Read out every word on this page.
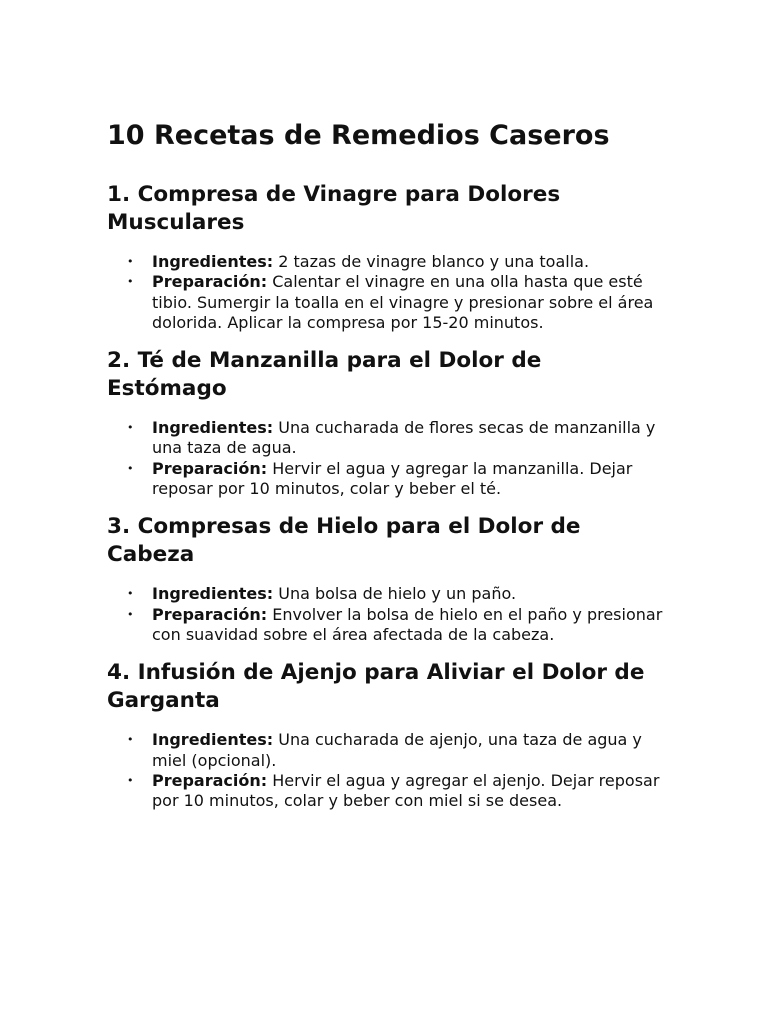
10 Recetas de Remedios Caseros
1. Compresa de Vinagre para Dolores Musculares
• Ingredientes: 2 tazas de vinagre blanco y una toalla.
• Preparación: Calentar el vinagre en una olla hasta que esté tibio. Sumergir la toalla en el vinagre y presionar sobre el área dolorida. Aplicar la compresa por 15-20 minutos.
2. Té de Manzanilla para el Dolor de Estómago
• Ingredientes: Una cucharada de flores secas de manzanilla y una taza de agua.
• Preparación: Hervir el agua y agregar la manzanilla. Dejar reposar por 10 minutos, colar y beber el té.
3. Compresas de Hielo para el Dolor de Cabeza
• Ingredientes: Una bolsa de hielo y un paño.
• Preparación: Envolver la bolsa de hielo en el paño y presionar con suavidad sobre el área afectada de la cabeza.
4. Infusión de Ajenjo para Aliviar el Dolor de Garganta
• Ingredientes: Una cucharada de ajenjo, una taza de agua y miel (opcional).
• Preparación: Hervir el agua y agregar el ajenjo. Dejar reposar por 10 minutos, colar y beber con miel si se desea.
